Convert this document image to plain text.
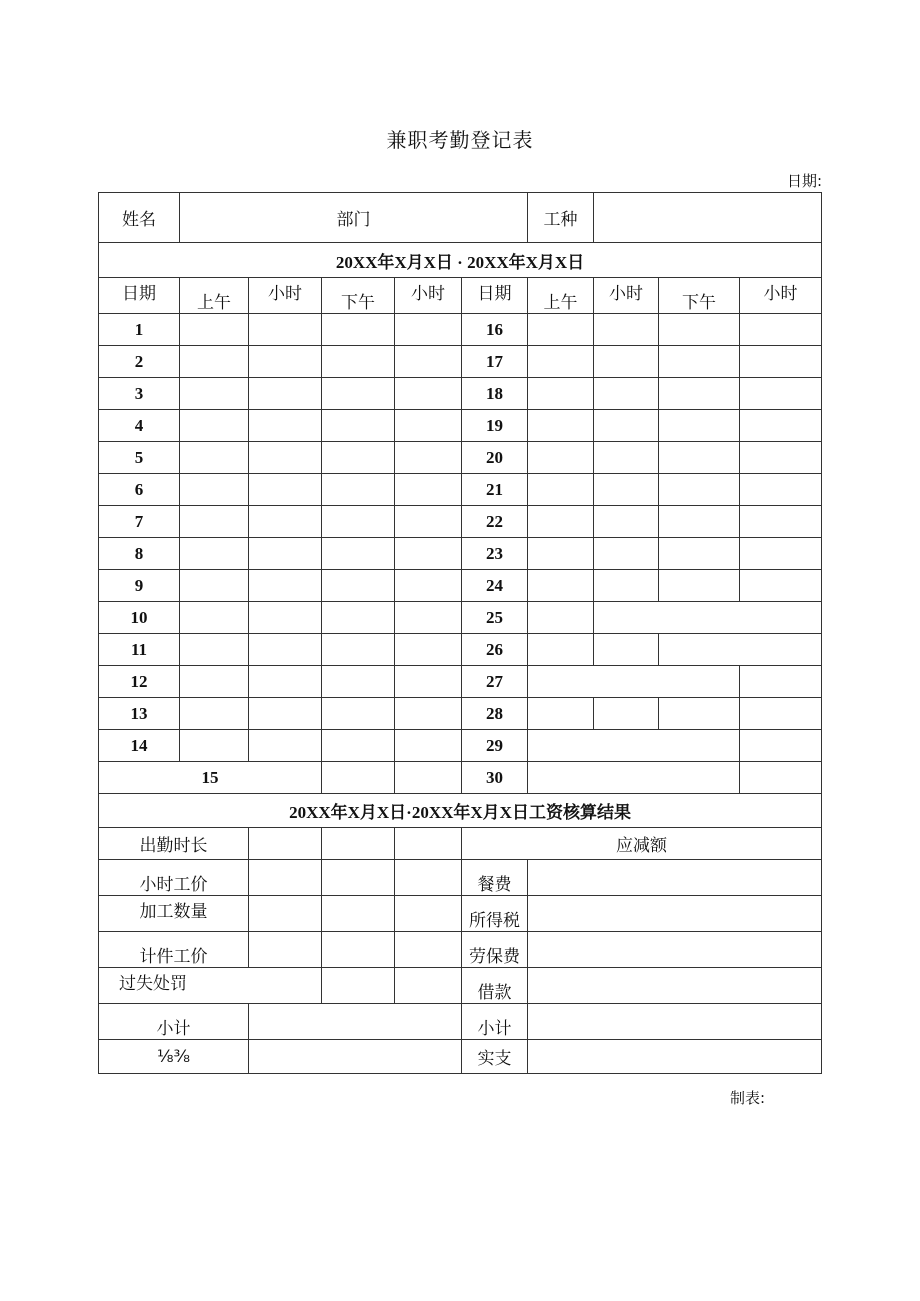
兼职考勤登记表
日期:
姓名	部门					工种			
20XX年X月X日 · 20XX年X月X日									
日期	上午	小时	下午	小时	日期	上午	小时	下午	小时
1					16				
2					17				
3					18				
4					19				
5					20				
6					21				
7					22				
8					23				
9					24				
10					25				
11					26				
12					27				
13					28				
14					29				
15					30				
20XX年X月X日·20XX年X月X日工资核算结果									
出勤时长					应减额				
小时工价					餐费				
加工数量					所得税				
计件工价					劳保费				
过失处罚					借款				
小计					小计				
⅛⅜					实支				
制表:
